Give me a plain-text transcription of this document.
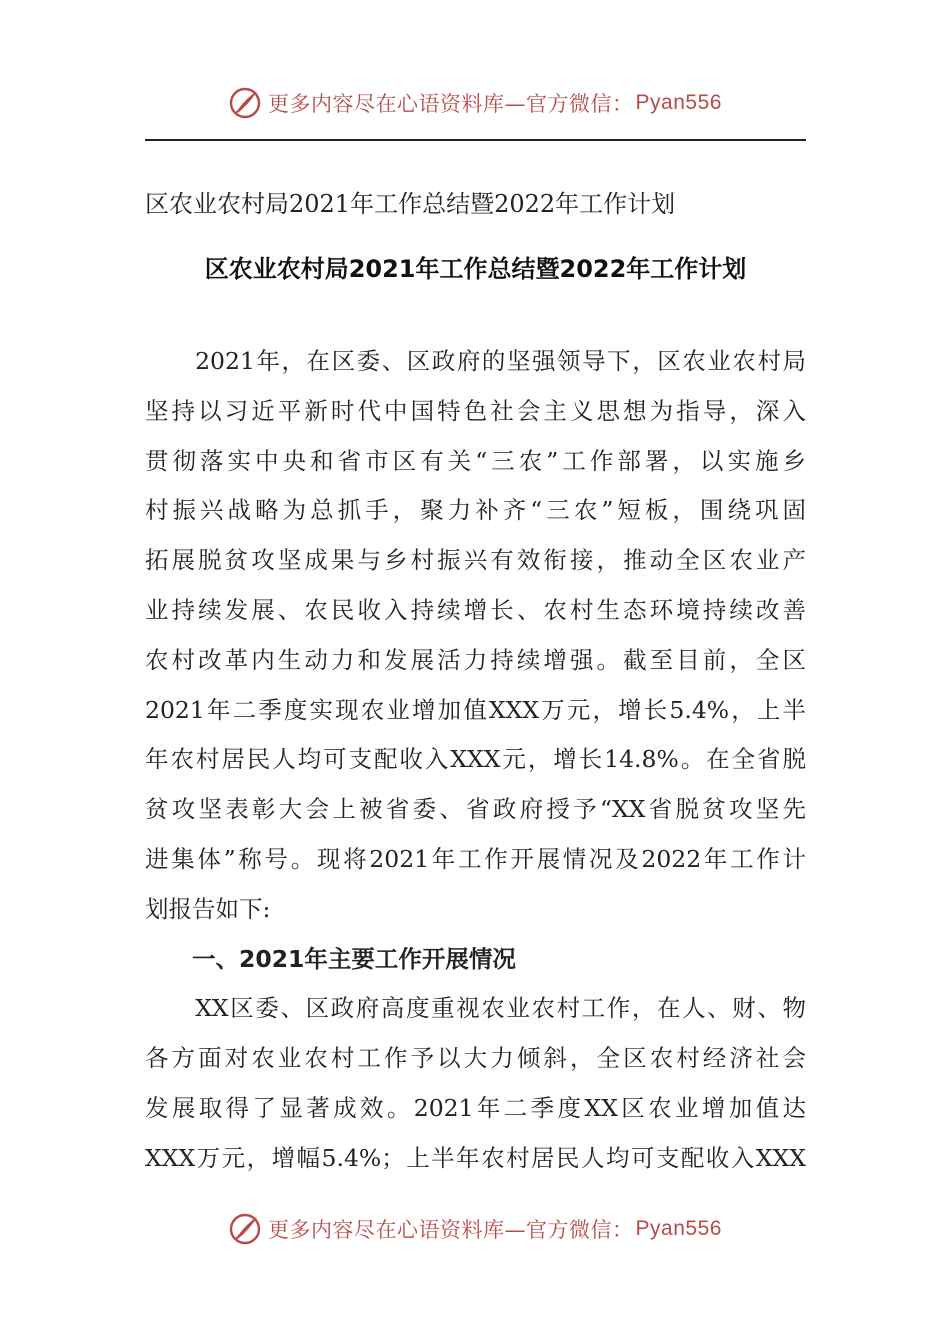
更多内容尽在心语资料库—官方微信： Pyan556
区农业农村局2021年工作总结暨2022年工作计划
区农业农村局2021年工作总结暨2022年工作计划
　　2021年，在区委、区政府的坚强领导下，区农业农村局
坚持以习近平新时代中国特色社会主义思想为指导，深入
贯彻落实中央和省市区有关“三农”工作部署，以实施乡
村振兴战略为总抓手，聚力补齐“三农”短板，围绕巩固
拓展脱贫攻坚成果与乡村振兴有效衔接，推动全区农业产
业持续发展、农民收入持续增长、农村生态环境持续改善
农村改革内生动力和发展活力持续增强。截至目前，全区
2021年二季度实现农业增加值XXX万元，增长5.4%，上半
年农村居民人均可支配收入XXX元，增长14.8%。在全省脱
贫攻坚表彰大会上被省委、省政府授予“XX省脱贫攻坚先
进集体”称号。现将2021年工作开展情况及2022年工作计
划报告如下:
　　一、2021年主要工作开展情况
　　XX区委、区政府高度重视农业农村工作，在人、财、物
各方面对农业农村工作予以大力倾斜，全区农村经济社会
发展取得了显著成效。2021年二季度XX区农业增加值达
XXX万元，增幅5.4%；上半年农村居民人均可支配收入XXX
更多内容尽在心语资料库—官方微信： Pyan556
